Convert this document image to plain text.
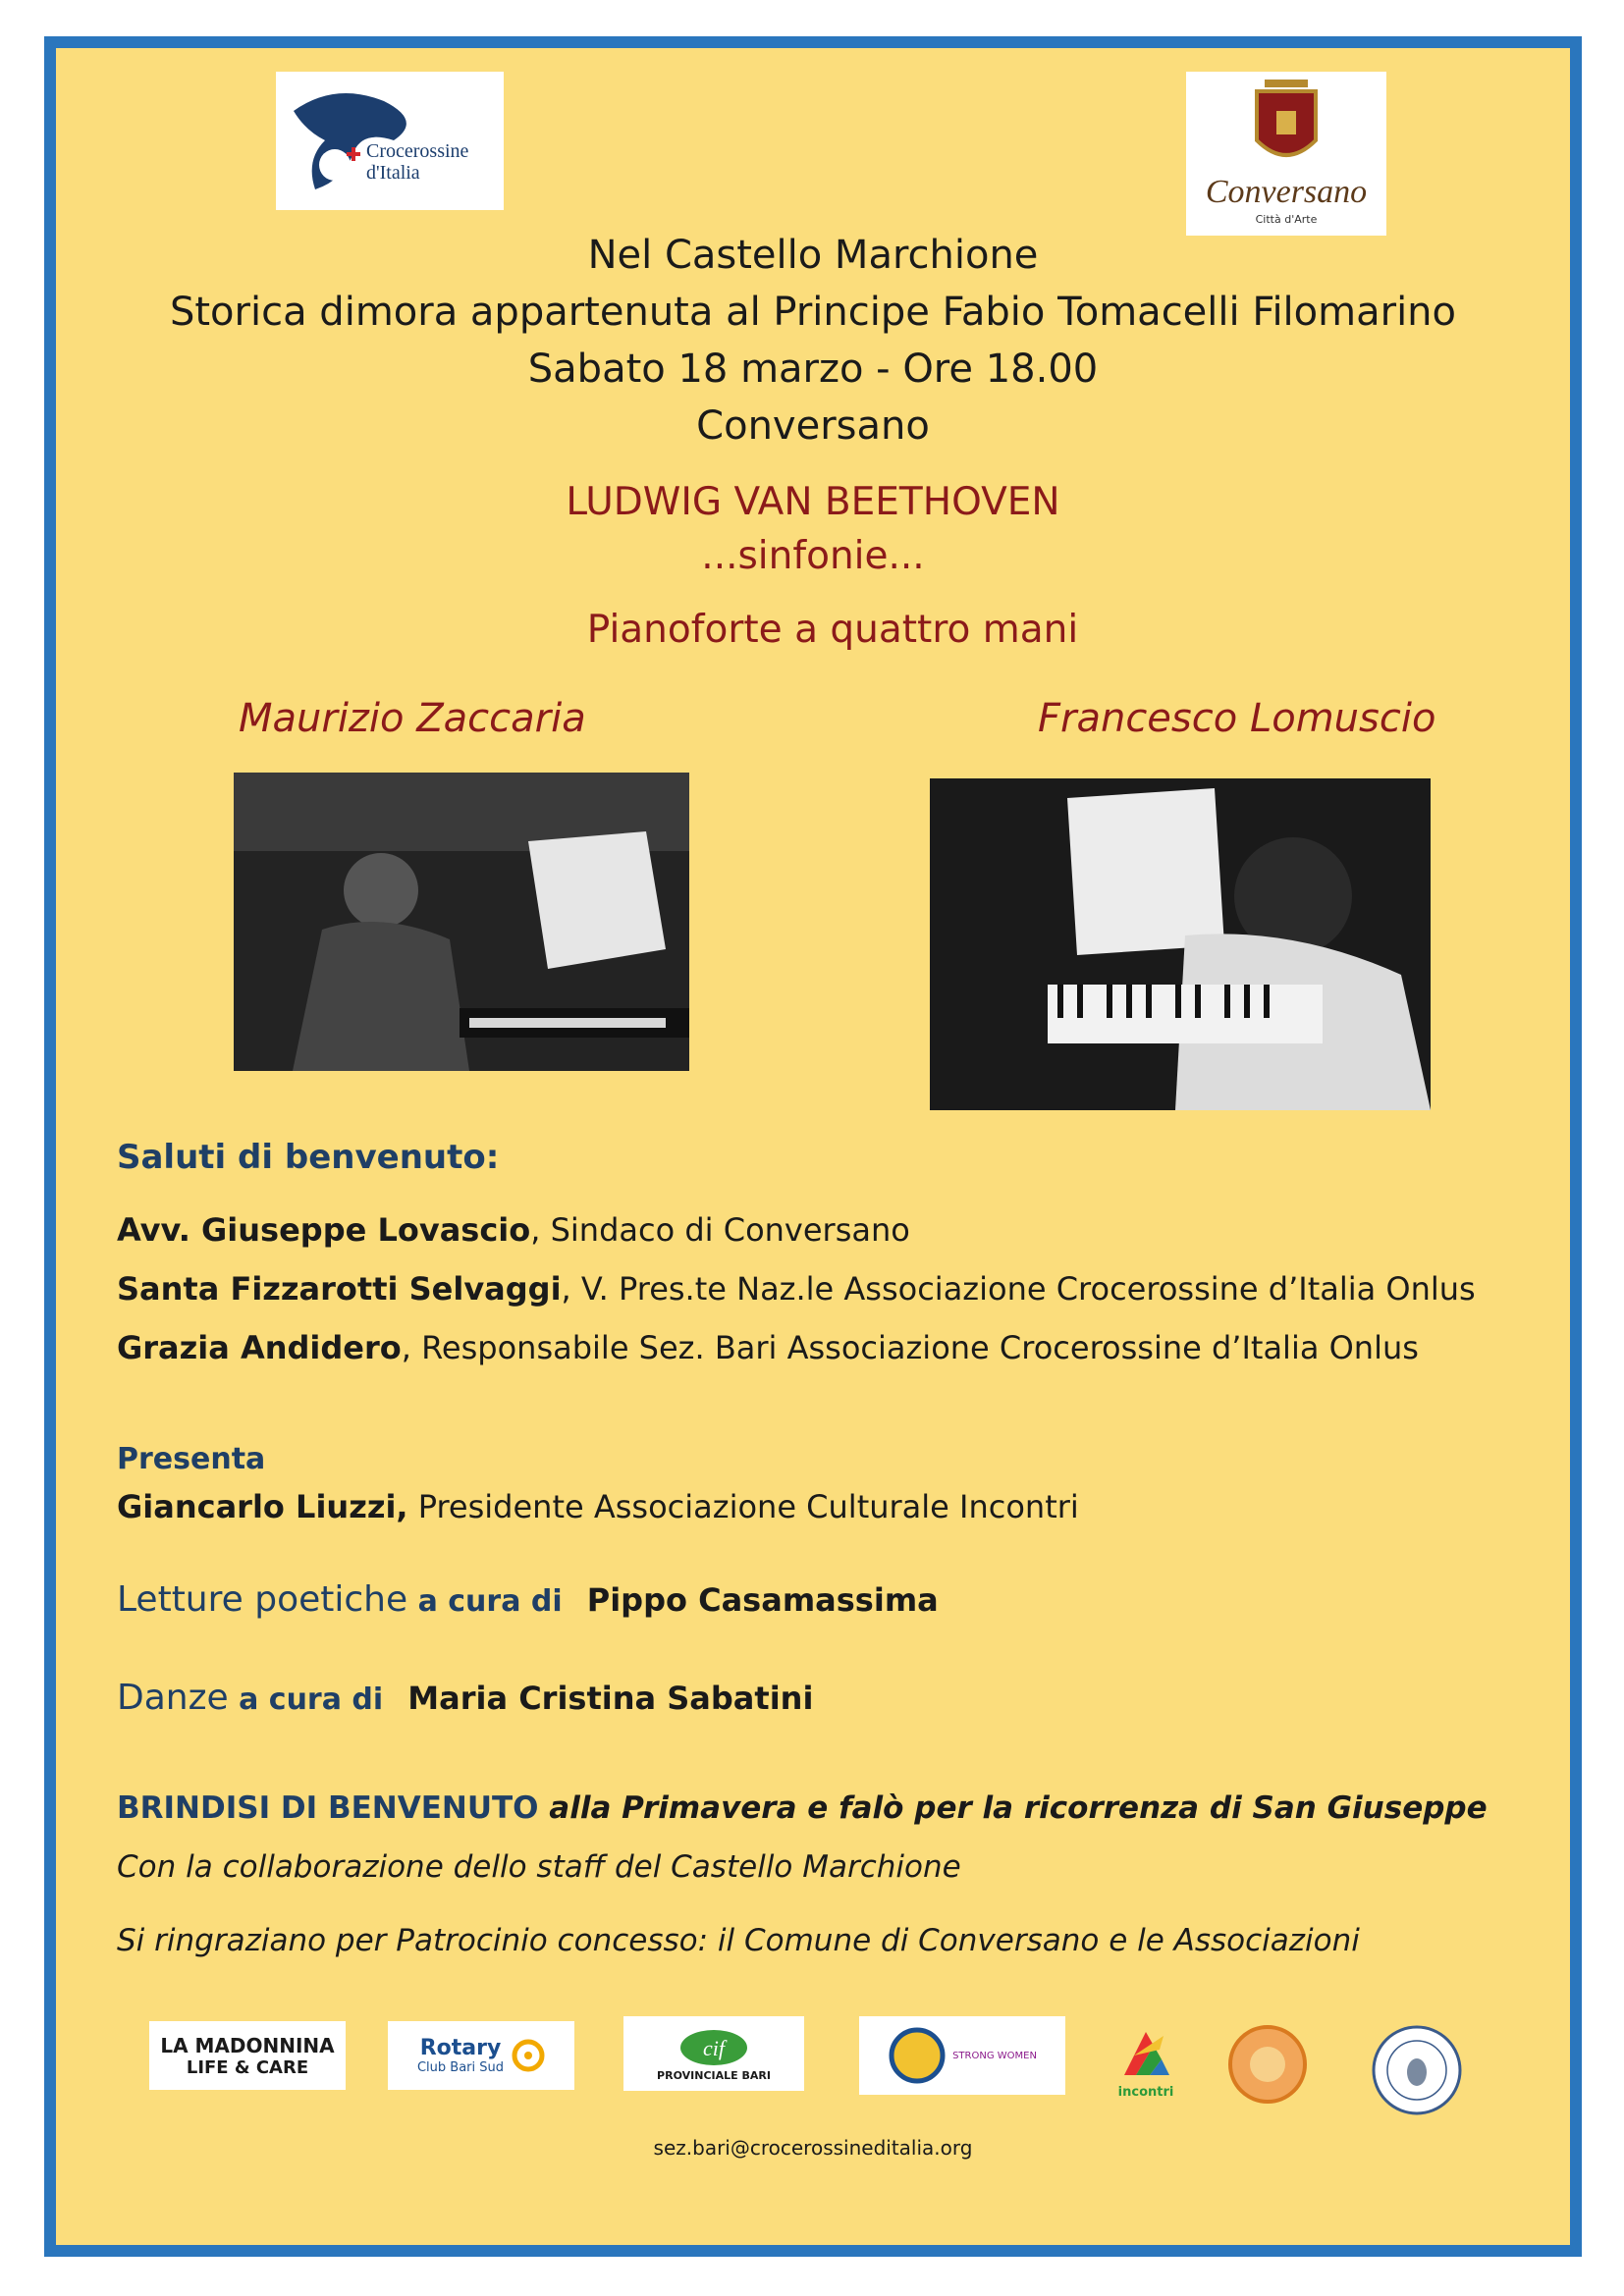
Crocerossine d'Italia
Conversano
Città d'Arte
Nel Castello Marchione
Storica dimora appartenuta al Principe Fabio Tomacelli Filomarino
Sabato 18 marzo - Ore 18.00
Conversano
LUDWIG VAN BEETHOVEN
...sinfonie...
Pianoforte a quattro mani
Maurizio Zaccaria	Francesco Lomuscio
Saluti di benvenuto:
Avv. Giuseppe Lovascio, Sindaco di Conversano
Santa Fizzarotti Selvaggi, V. Pres.te Naz.le Associazione Crocerossine d’Italia Onlus
Grazia Andidero, Responsabile Sez. Bari Associazione Crocerossine d’Italia Onlus
Presenta
Giancarlo Liuzzi, Presidente Associazione Culturale Incontri
Letture poetiche a cura di Pippo Casamassima
Danze a cura di Maria Cristina Sabatini
BRINDISI DI BENVENUTO alla Primavera e falò per la ricorrenza di San Giuseppe
Con la collaborazione dello staff del Castello Marchione
Si ringraziano per Patrocinio concesso: il Comune di Conversano e le Associazioni
LA MADONNINA
LIFE & CARE
Rotary
Club Bari Sud
cif
PROVINCIALE BARI
STRONG WOMEN
incontri
sez.bari@crocerossineditalia.org
